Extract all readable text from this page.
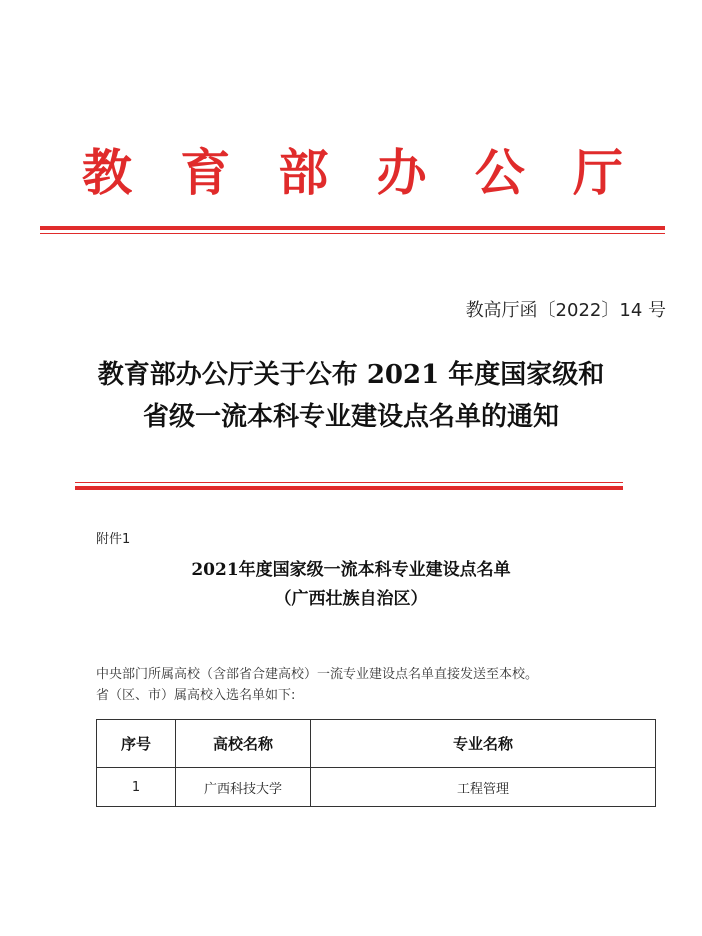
教 育 部 办 公 厅
教高厅函〔2022〕14 号
教育部办公厅关于公布 2021 年度国家级和
省级一流本科专业建设点名单的通知
附件1
2021年度国家级一流本科专业建设点名单
（广西壮族自治区）
中央部门所属高校（含部省合建高校）一流专业建设点名单直接发送至本校。
省（区、市）属高校入选名单如下:
序号	高校名称	专业名称
1	广西科技大学	工程管理
